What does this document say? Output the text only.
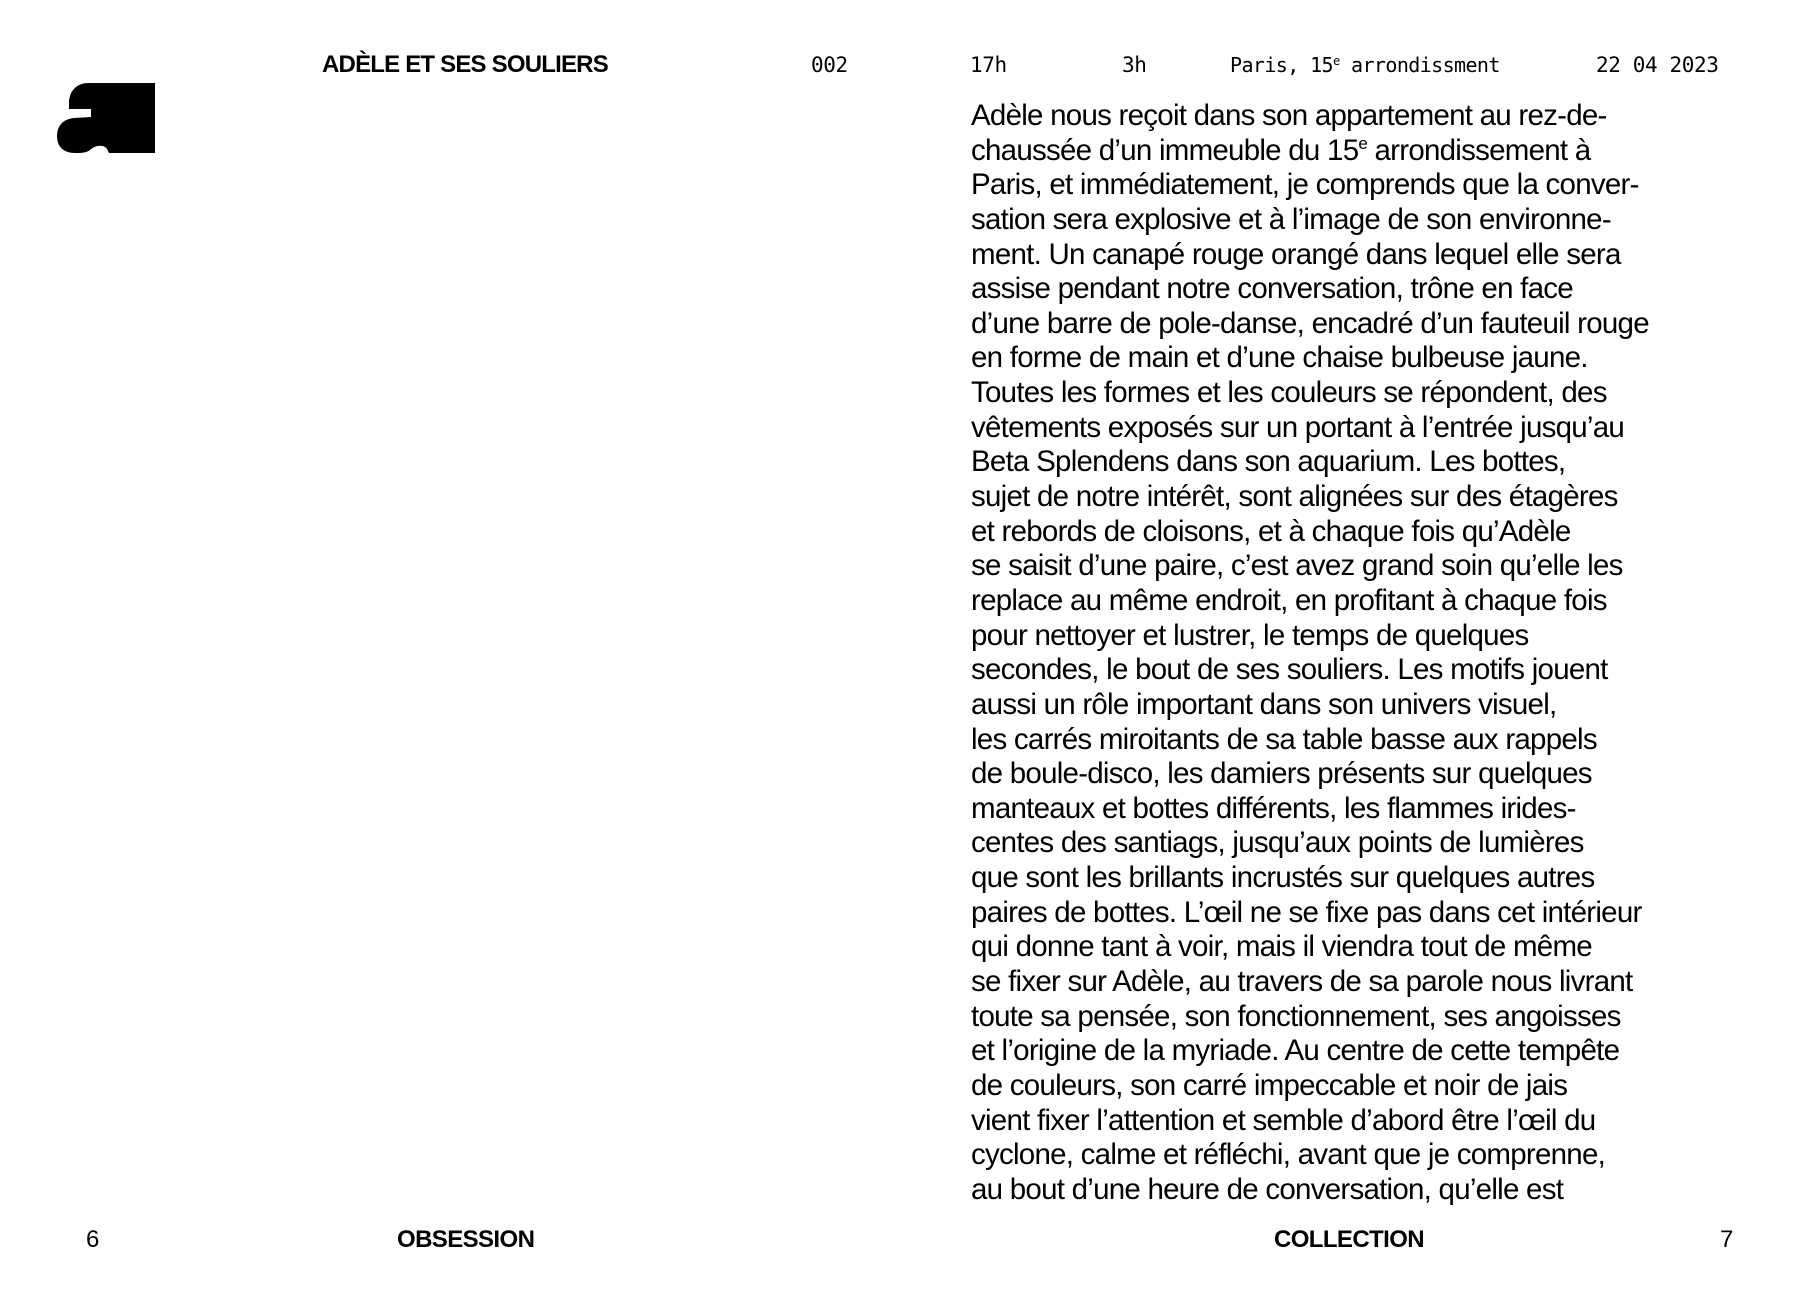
ADÈLE ET SES SOULIERS	002	17h	3h	Paris, 15e arrondissment	22 04 2023
Adèle nous reçoit dans son appartement au rez-de-
chaussée d’un immeuble du 15e arrondissement à
Paris, et immédiatement, je comprends que la conver-
sation sera explosive et à l’image de son environne-
ment. Un canapé rouge orangé dans lequel elle sera
assise pendant notre conversation, trône en face
d’une barre de pole-danse, encadré d’un fauteuil rouge
en forme de main et d’une chaise bulbeuse jaune.
Toutes les formes et les couleurs se répondent, des
vêtements exposés sur un portant à l’entrée jusqu’au
Beta Splendens dans son aquarium. Les bottes,
sujet de notre intérêt, sont alignées sur des étagères
et rebords de cloisons, et à chaque fois qu’Adèle
se saisit d’une paire, c’est avez grand soin qu’elle les
replace au même endroit, en profitant à chaque fois
pour nettoyer et lustrer, le temps de quelques
secondes, le bout de ses souliers. Les motifs jouent
aussi un rôle important dans son univers visuel,
les carrés miroitants de sa table basse aux rappels
de boule-disco, les damiers présents sur quelques
manteaux et bottes différents, les flammes irides-
centes des santiags, jusqu’aux points de lumières
que sont les brillants incrustés sur quelques autres
paires de bottes. L’œil ne se fixe pas dans cet intérieur
qui donne tant à voir, mais il viendra tout de même
se fixer sur Adèle, au travers de sa parole nous livrant
toute sa pensée, son fonctionnement, ses angoisses
et l’origine de la myriade. Au centre de cette tempête
de couleurs, son carré impeccable et noir de jais
vient fixer l’attention et semble d’abord être l’œil du
cyclone, calme et réfléchi, avant que je comprenne,
au bout d’une heure de conversation, qu’elle est
6	OBSESSION	COLLECTION	7
